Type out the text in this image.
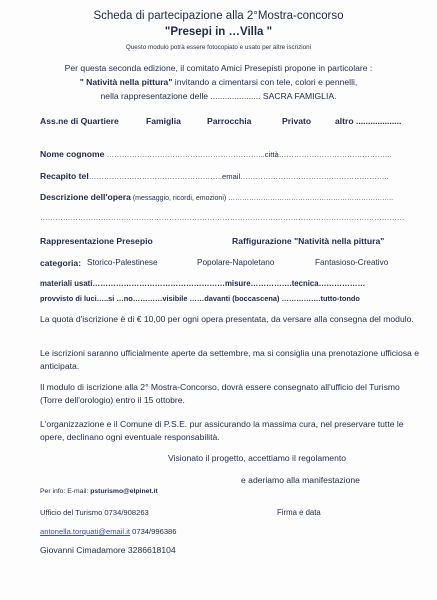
Scheda di partecipazione alla 2°Mostra-concorso
"Presepi in …Villa "
Questo modulo potrà essere fotocopiato e usato per altre iscrizioni
Per questa seconda edizione, il comitato Amici Presepisti propone in particolare :
" Natività nella pittura" invitando a cimentarsi con tele, colori e pennelli,
nella rappresentazione delle ..................... SACRA FAMIGLIA.
Ass.ne di Quartiere	Famiglia	Parrocchia	Privato	altro ...................
Nome cognome ……………………………………………………...città……………………………………...
Recapito tel……………………………………………..email…………………………………………………..
Descrizione dell'opera (messaggio, ricordi, emozioni) ……………………………………………………………..
………………………………………………………………………………………………………………………………
Rappresentazione Presepio	Raffigurazione "Natività nella pittura"
categoria: Storico-Palestinese	Popolare-Napoletano	Fantasioso-Creativo
materiali usati……………………………………………misure…………….tecnica………………
provvisto di luci…..si …no…………visibile ……davanti (boccascena) …………….tutto-tondo
La quota d'iscrizione è di € 10,00 per ogni opera presentata, da versare alla consegna del modulo.
Le iscrizioni saranno ufficialmente aperte da settembre, ma si consiglia una prenotazione ufficiosa e anticipata.
Il modulo di iscrizione alla 2° Mostra-Concorso, dovrà essere consegnato all'ufficio del Turismo (Torre dell'orologio) entro il 15 ottobre.
L'organizzazione e il Comune di P.S.E. pur assicurando la massima cura, nel preservare tutte le opere, declinano ogni eventuale responsabilità.
Visionato il progetto, accettiamo il regolamento
e aderiamo alla manifestazione
Per info: E-mail: psturismo@elpinet.it
Ufficio del Turismo 0734/908263	Firma e data
antonella.torquati@email.it 0734/996386
Giovanni Cimadamore 3286618104
